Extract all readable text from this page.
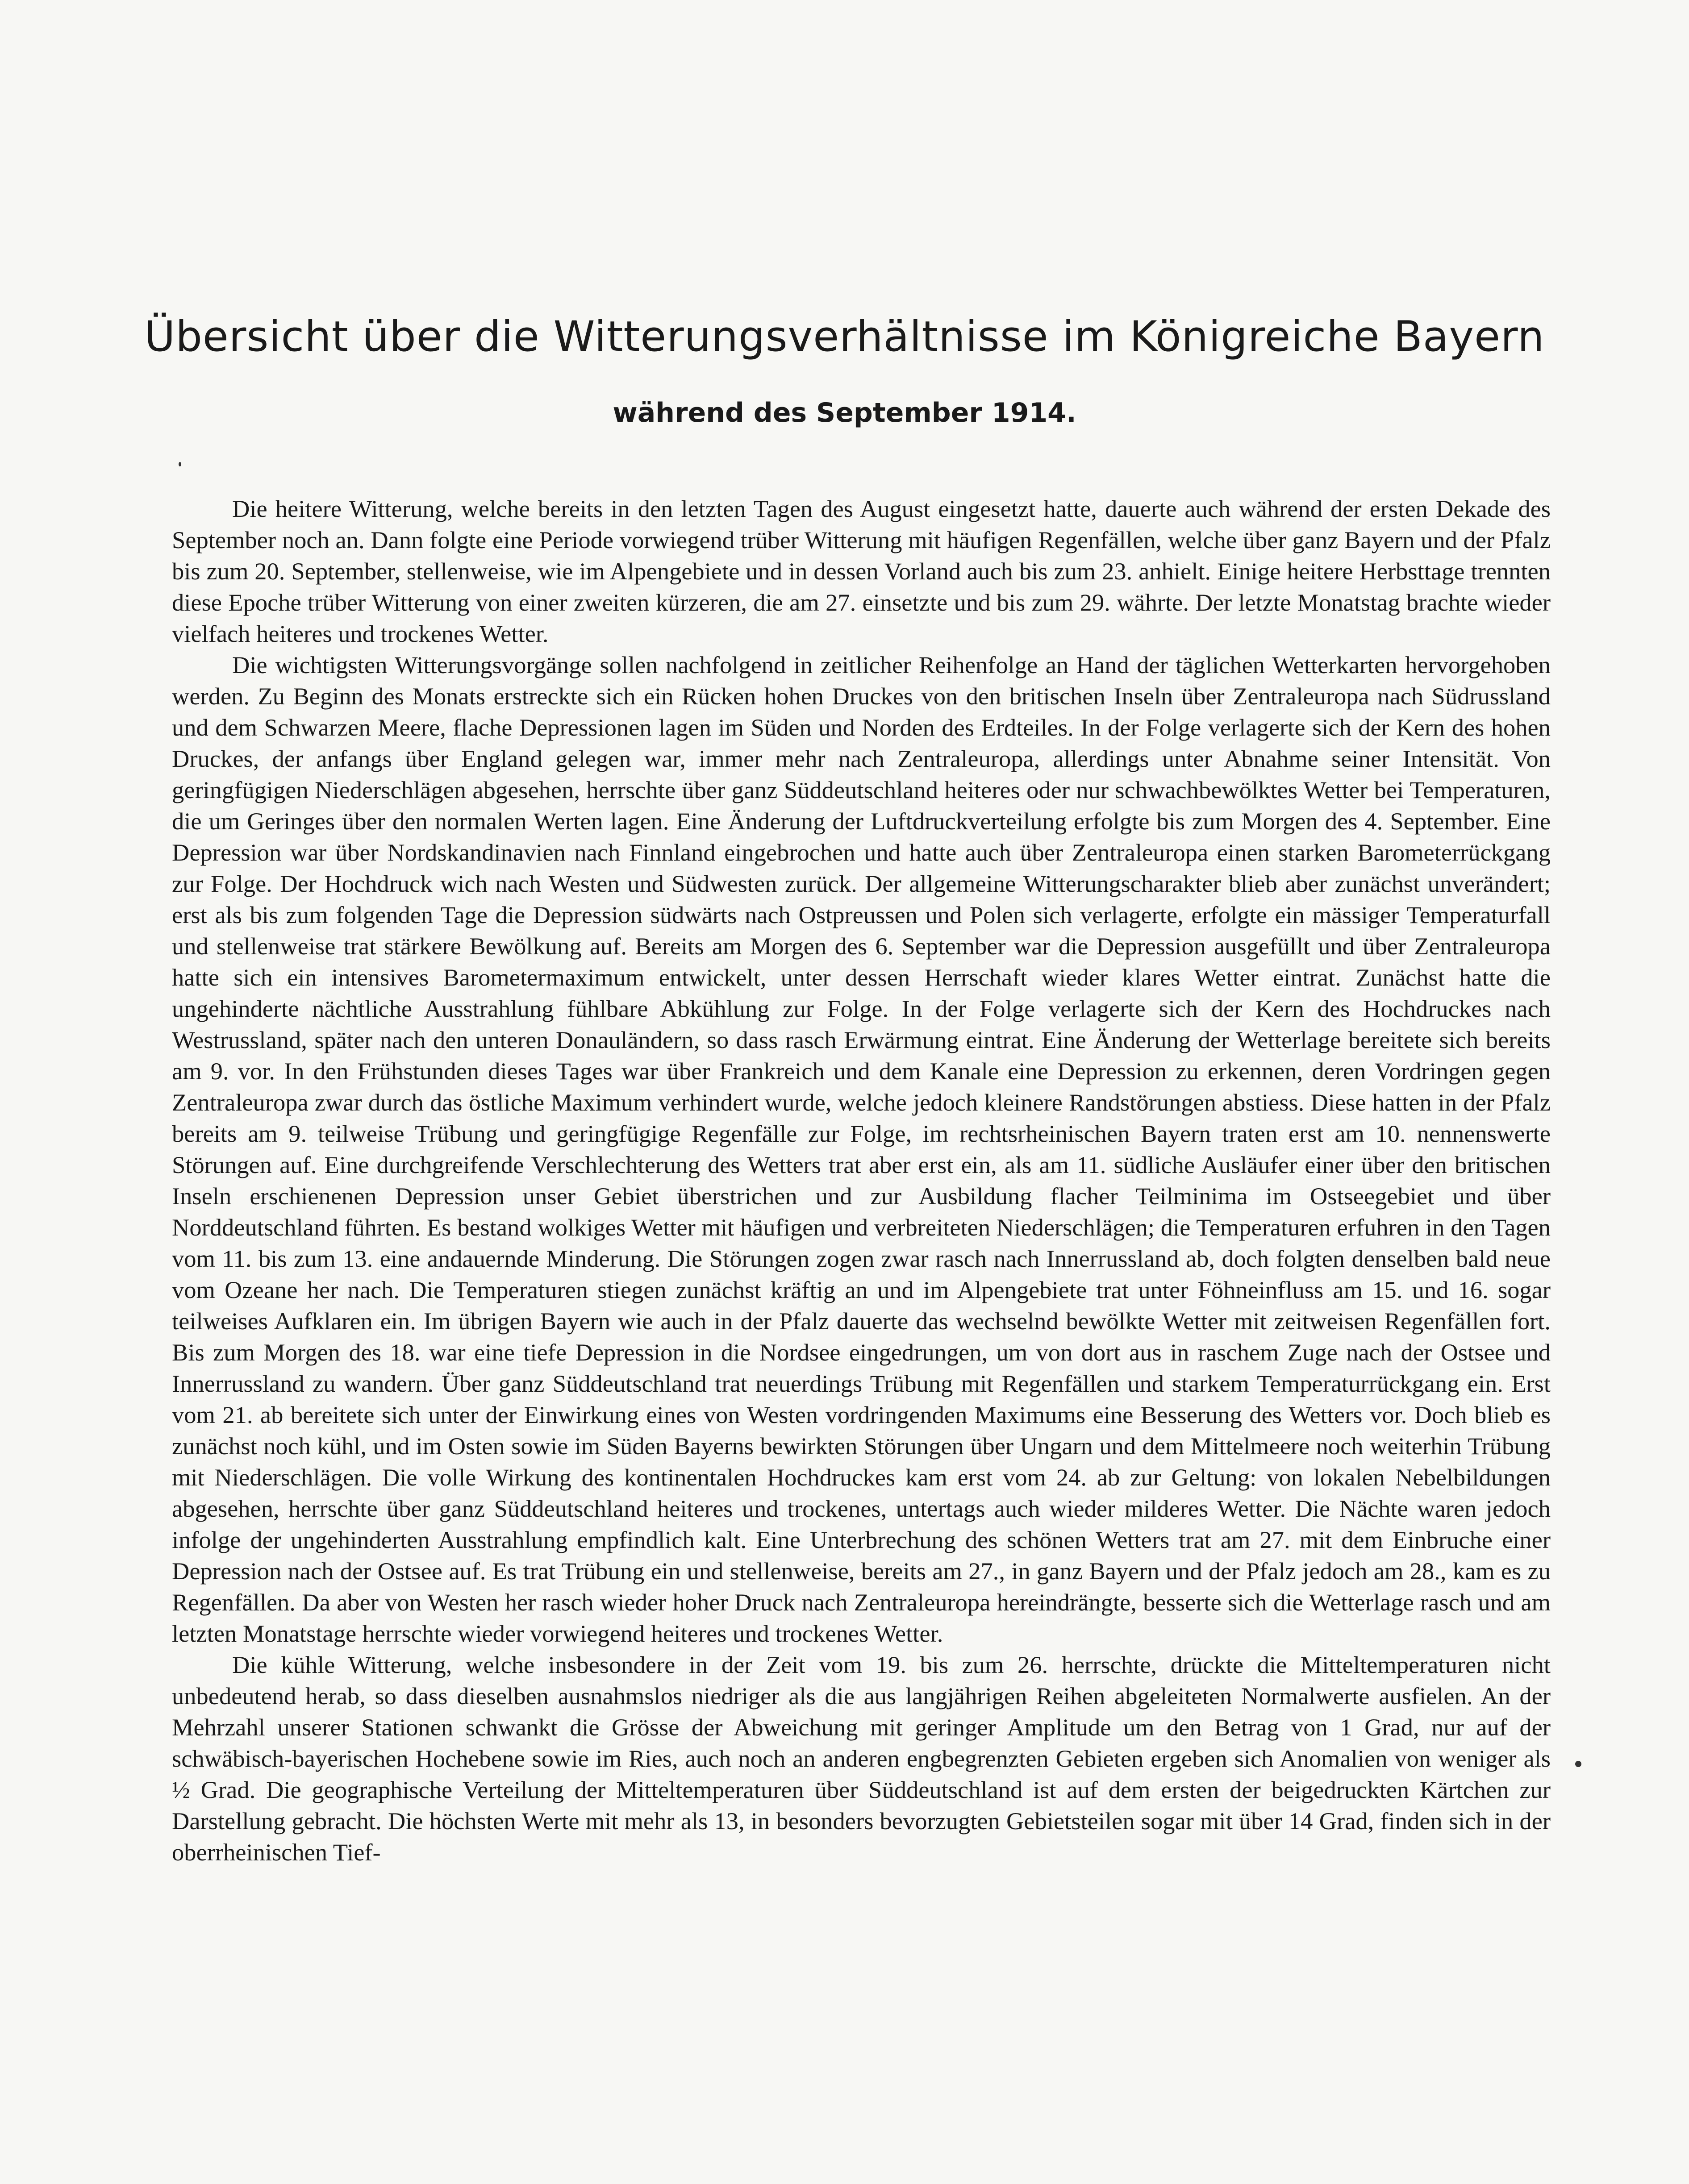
Übersicht über die Witterungsverhältnisse im Königreiche Bayern
während des September 1914.

Die heitere Witterung, welche bereits in den letzten Tagen des August eingesetzt hatte, dauerte auch während der ersten Dekade des September noch an. Dann folgte eine Periode vorwiegend trüber Witterung mit häufigen Regenfällen, welche über ganz Bayern und der Pfalz bis zum 20. September, stellenweise, wie im Alpengebiete und in dessen Vorland auch bis zum 23. anhielt. Einige heitere Herbsttage trennten diese Epoche trüber Witterung von einer zweiten kürzeren, die am 27. einsetzte und bis zum 29. währte. Der letzte Monatstag brachte wieder vielfach heiteres und trockenes Wetter.

Die wichtigsten Witterungsvorgänge sollen nachfolgend in zeitlicher Reihenfolge an Hand der täglichen Wetterkarten hervorgehoben werden. Zu Beginn des Monats erstreckte sich ein Rücken hohen Druckes von den britischen Inseln über Zentraleuropa nach Südrussland und dem Schwarzen Meere, flache Depressionen lagen im Süden und Norden des Erdteiles. In der Folge verlagerte sich der Kern des hohen Druckes, der anfangs über England gelegen war, immer mehr nach Zentraleuropa, allerdings unter Abnahme seiner Intensität. Von geringfügigen Niederschlägen abgesehen, herrschte über ganz Süddeutschland heiteres oder nur schwachbewölktes Wetter bei Temperaturen, die um Geringes über den normalen Werten lagen. Eine Änderung der Luftdruckverteilung erfolgte bis zum Morgen des 4. September. Eine Depression war über Nordskandinavien nach Finnland eingebrochen und hatte auch über Zentraleuropa einen starken Barometerrückgang zur Folge. Der Hochdruck wich nach Westen und Südwesten zurück. Der allgemeine Witterungscharakter blieb aber zunächst unverändert; erst als bis zum folgenden Tage die Depression südwärts nach Ostpreussen und Polen sich verlagerte, erfolgte ein mässiger Temperaturfall und stellenweise trat stärkere Bewölkung auf. Bereits am Morgen des 6. September war die Depression ausgefüllt und über Zentraleuropa hatte sich ein intensives Barometermaximum entwickelt, unter dessen Herrschaft wieder klares Wetter eintrat. Zunächst hatte die ungehinderte nächtliche Ausstrahlung fühlbare Abkühlung zur Folge. In der Folge verlagerte sich der Kern des Hochdruckes nach Westrussland, später nach den unteren Donauländern, so dass rasch Erwärmung eintrat. Eine Änderung der Wetterlage bereitete sich bereits am 9. vor. In den Frühstunden dieses Tages war über Frankreich und dem Kanale eine Depression zu erkennen, deren Vordringen gegen Zentraleuropa zwar durch das östliche Maximum verhindert wurde, welche jedoch kleinere Randstörungen abstiess. Diese hatten in der Pfalz bereits am 9. teilweise Trübung und geringfügige Regenfälle zur Folge, im rechtsrheinischen Bayern traten erst am 10. nennenswerte Störungen auf. Eine durchgreifende Verschlechterung des Wetters trat aber erst ein, als am 11. südliche Ausläufer einer über den britischen Inseln erschienenen Depression unser Gebiet überstrichen und zur Ausbildung flacher Teilminima im Ostseegebiet und über Norddeutschland führten. Es bestand wolkiges Wetter mit häufigen und verbreiteten Niederschlägen; die Temperaturen erfuhren in den Tagen vom 11. bis zum 13. eine andauernde Minderung. Die Störungen zogen zwar rasch nach Innerrussland ab, doch folgten denselben bald neue vom Ozeane her nach. Die Temperaturen stiegen zunächst kräftig an und im Alpengebiete trat unter Föhneinfluss am 15. und 16. sogar teilweises Aufklaren ein. Im übrigen Bayern wie auch in der Pfalz dauerte das wechselnd bewölkte Wetter mit zeitweisen Regenfällen fort. Bis zum Morgen des 18. war eine tiefe Depression in die Nordsee eingedrungen, um von dort aus in raschem Zuge nach der Ostsee und Innerrussland zu wandern. Über ganz Süddeutschland trat neuerdings Trübung mit Regenfällen und starkem Temperaturrückgang ein. Erst vom 21. ab bereitete sich unter der Einwirkung eines von Westen vordringenden Maximums eine Besserung des Wetters vor. Doch blieb es zunächst noch kühl, und im Osten sowie im Süden Bayerns bewirkten Störungen über Ungarn und dem Mittelmeere noch weiterhin Trübung mit Niederschlägen. Die volle Wirkung des kontinentalen Hochdruckes kam erst vom 24. ab zur Geltung: von lokalen Nebelbildungen abgesehen, herrschte über ganz Süddeutschland heiteres und trockenes, untertags auch wieder milderes Wetter. Die Nächte waren jedoch infolge der ungehinderten Ausstrahlung empfindlich kalt. Eine Unterbrechung des schönen Wetters trat am 27. mit dem Einbruche einer Depression nach der Ostsee auf. Es trat Trübung ein und stellenweise, bereits am 27., in ganz Bayern und der Pfalz jedoch am 28., kam es zu Regenfällen. Da aber von Westen her rasch wieder hoher Druck nach Zentraleuropa hereindrängte, besserte sich die Wetterlage rasch und am letzten Monatstage herrschte wieder vorwiegend heiteres und trockenes Wetter.

Die kühle Witterung, welche insbesondere in der Zeit vom 19. bis zum 26. herrschte, drückte die Mitteltemperaturen nicht unbedeutend herab, so dass dieselben ausnahmslos niedriger als die aus langjährigen Reihen abgeleiteten Normalwerte ausfielen. An der Mehrzahl unserer Stationen schwankt die Grösse der Abweichung mit geringer Amplitude um den Betrag von 1 Grad, nur auf der schwäbisch-bayerischen Hochebene sowie im Ries, auch noch an anderen engbegrenzten Gebieten ergeben sich Anomalien von weniger als ½ Grad. Die geographische Verteilung der Mitteltemperaturen über Süddeutschland ist auf dem ersten der beigedruckten Kärtchen zur Darstellung gebracht. Die höchsten Werte mit mehr als 13, in besonders bevorzugten Gebietsteilen sogar mit über 14 Grad, finden sich in der oberrheinischen Tief-
